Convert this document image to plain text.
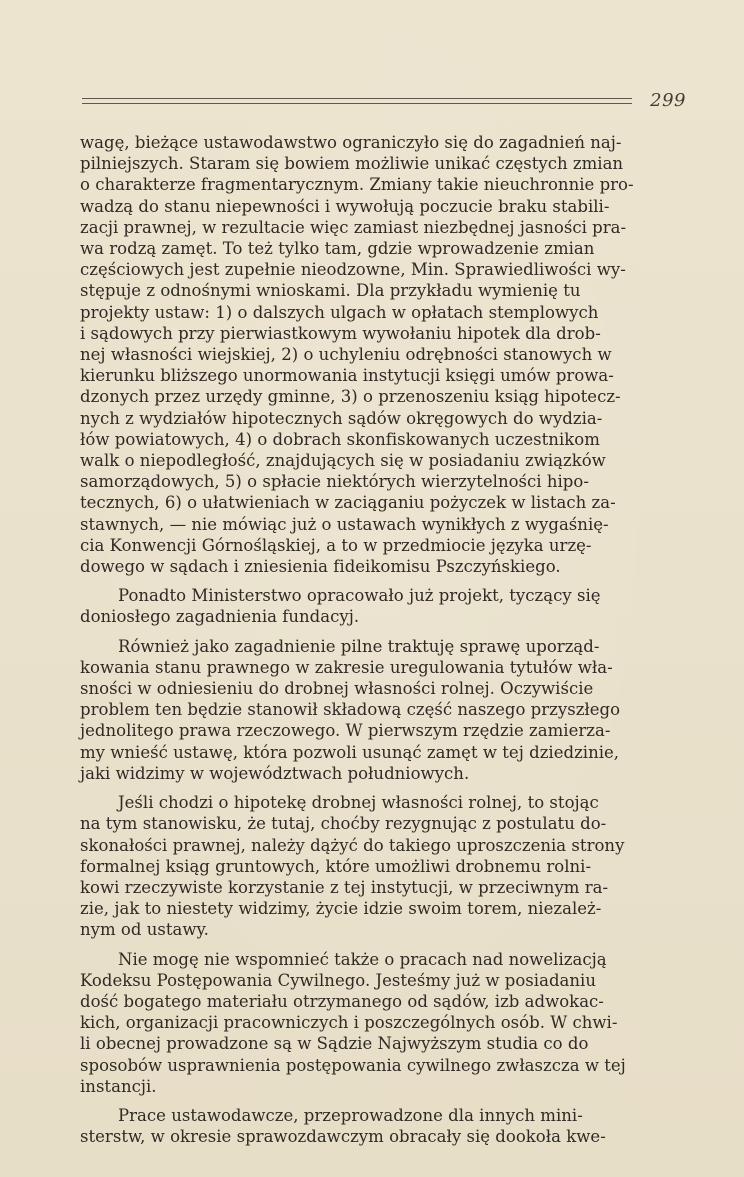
299
wagę, bieżące ustawodawstwo ograniczyło się do zagadnień naj-
pilniejszych. Staram się bowiem możliwie unikać częstych zmian
o charakterze fragmentarycznym. Zmiany takie nieuchronnie pro-
wadzą do stanu niepewności i wywołują poczucie braku stabili-
zacji prawnej, w rezultacie więc zamiast niezbędnej jasności pra-
wa rodzą zamęt. To też tylko tam, gdzie wprowadzenie zmian
częściowych jest zupełnie nieodzowne, Min. Sprawiedliwości wy-
stępuje z odnośnymi wnioskami. Dla przykładu wymienię tu
projekty ustaw: 1) o dalszych ulgach w opłatach stemplowych
i sądowych przy pierwiastkowym wywołaniu hipotek dla drob-
nej własności wiejskiej, 2) o uchyleniu odrębności stanowych w
kierunku bliższego unormowania instytucji księgi umów prowa-
dzonych przez urzędy gminne, 3) o przenoszeniu ksiąg hipotecz-
nych z wydziałów hipotecznych sądów okręgowych do wydzia-
łów powiatowych, 4) o dobrach skonfiskowanych uczestnikom
walk o niepodległość, znajdujących się w posiadaniu związków
samorządowych, 5) o spłacie niektórych wierzytelności hipo-
tecznych, 6) o ułatwieniach w zaciąganiu pożyczek w listach za-
stawnych, — nie mówiąc już o ustawach wynikłych z wygaśnię-
cia Konwencji Górnośląskiej, a to w przedmiocie języka urzę-
dowego w sądach i zniesienia fideikomisu Pszczyńskiego.
Ponadto Ministerstwo opracowało już projekt, tyczący się
doniosłego zagadnienia fundacyj.
Również jako zagadnienie pilne traktuję sprawę uporząd-
kowania stanu prawnego w zakresie uregulowania tytułów wła-
sności w odniesieniu do drobnej własności rolnej. Oczywiście
problem ten będzie stanowił składową część naszego przyszłego
jednolitego prawa rzeczowego. W pierwszym rzędzie zamierza-
my wnieść ustawę, która pozwoli usunąć zamęt w tej dziedzinie,
jaki widzimy w województwach południowych.
Jeśli chodzi o hipotekę drobnej własności rolnej, to stojąc
na tym stanowisku, że tutaj, choćby rezygnując z postulatu do-
skonałości prawnej, należy dążyć do takiego uproszczenia strony
formalnej ksiąg gruntowych, które umożliwi drobnemu rolni-
kowi rzeczywiste korzystanie z tej instytucji, w przeciwnym ra-
zie, jak to niestety widzimy, życie idzie swoim torem, niezależ-
nym od ustawy.
Nie mogę nie wspomnieć także o pracach nad nowelizacją
Kodeksu Postępowania Cywilnego. Jesteśmy już w posiadaniu
dość bogatego materiału otrzymanego od sądów, izb adwokac-
kich, organizacji pracowniczych i poszczególnych osób. W chwi-
li obecnej prowadzone są w Sądzie Najwyższym studia co do
sposobów usprawnienia postępowania cywilnego zwłaszcza w tej
instancji.
Prace ustawodawcze, przeprowadzone dla innych mini-
sterstw, w okresie sprawozdawczym obracały się dookoła kwe-
